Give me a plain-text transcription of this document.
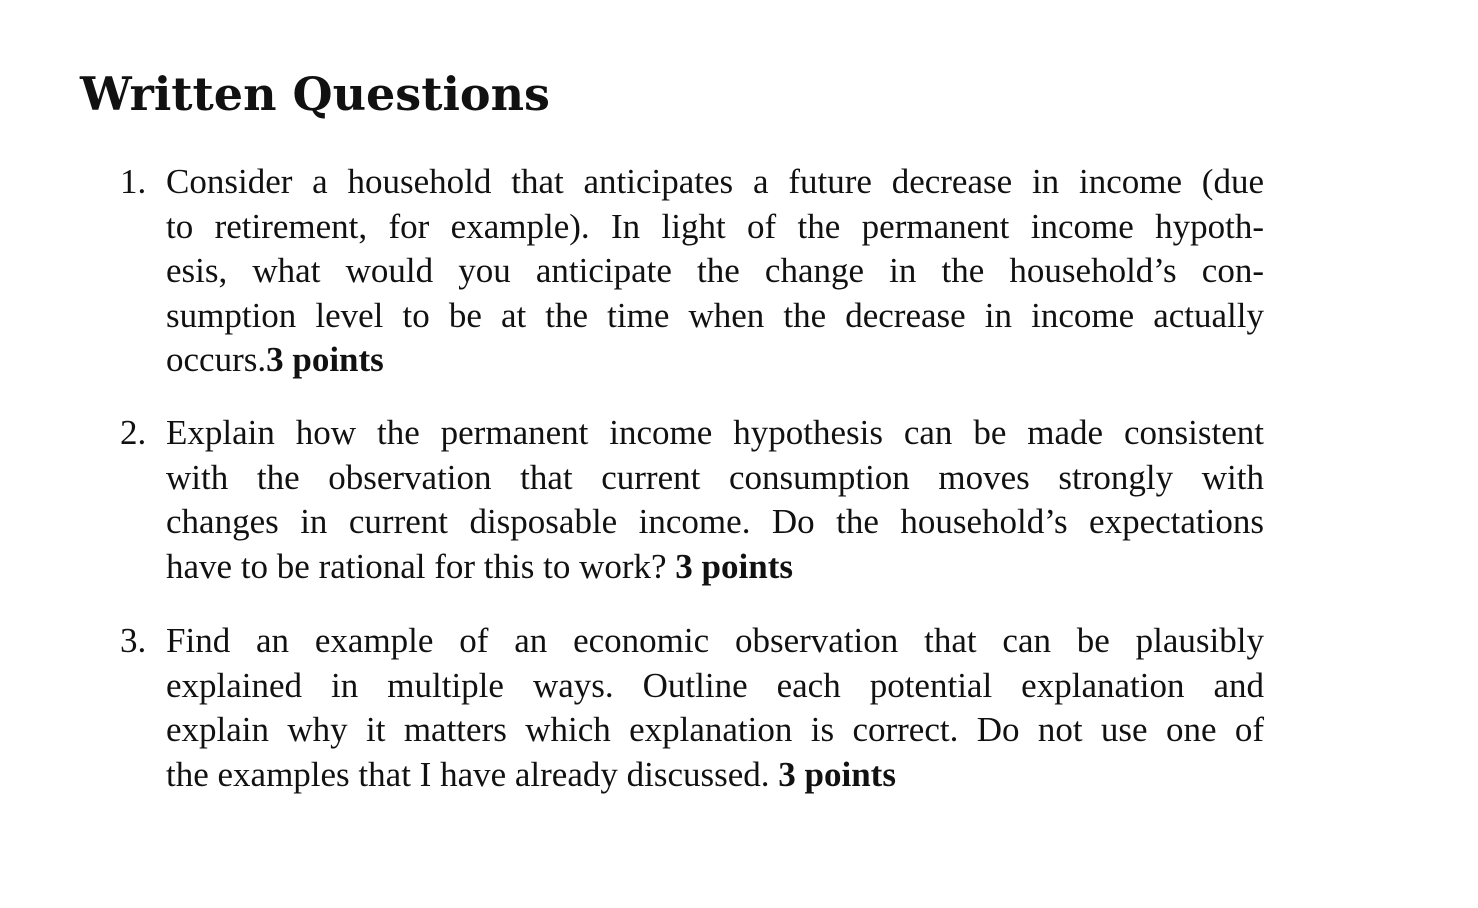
Written Questions
1. Consider a household that anticipates a future decrease in income (due
to retirement, for example). In light of the permanent income hypoth-
esis, what would you anticipate the change in the household’s con-
sumption level to be at the time when the decrease in income actually
occurs.3 points
2. Explain how the permanent income hypothesis can be made consistent
with the observation that current consumption moves strongly with
changes in current disposable income. Do the household’s expectations
have to be rational for this to work? 3 points
3. Find an example of an economic observation that can be plausibly
explained in multiple ways. Outline each potential explanation and
explain why it matters which explanation is correct. Do not use one of
the examples that I have already discussed. 3 points
